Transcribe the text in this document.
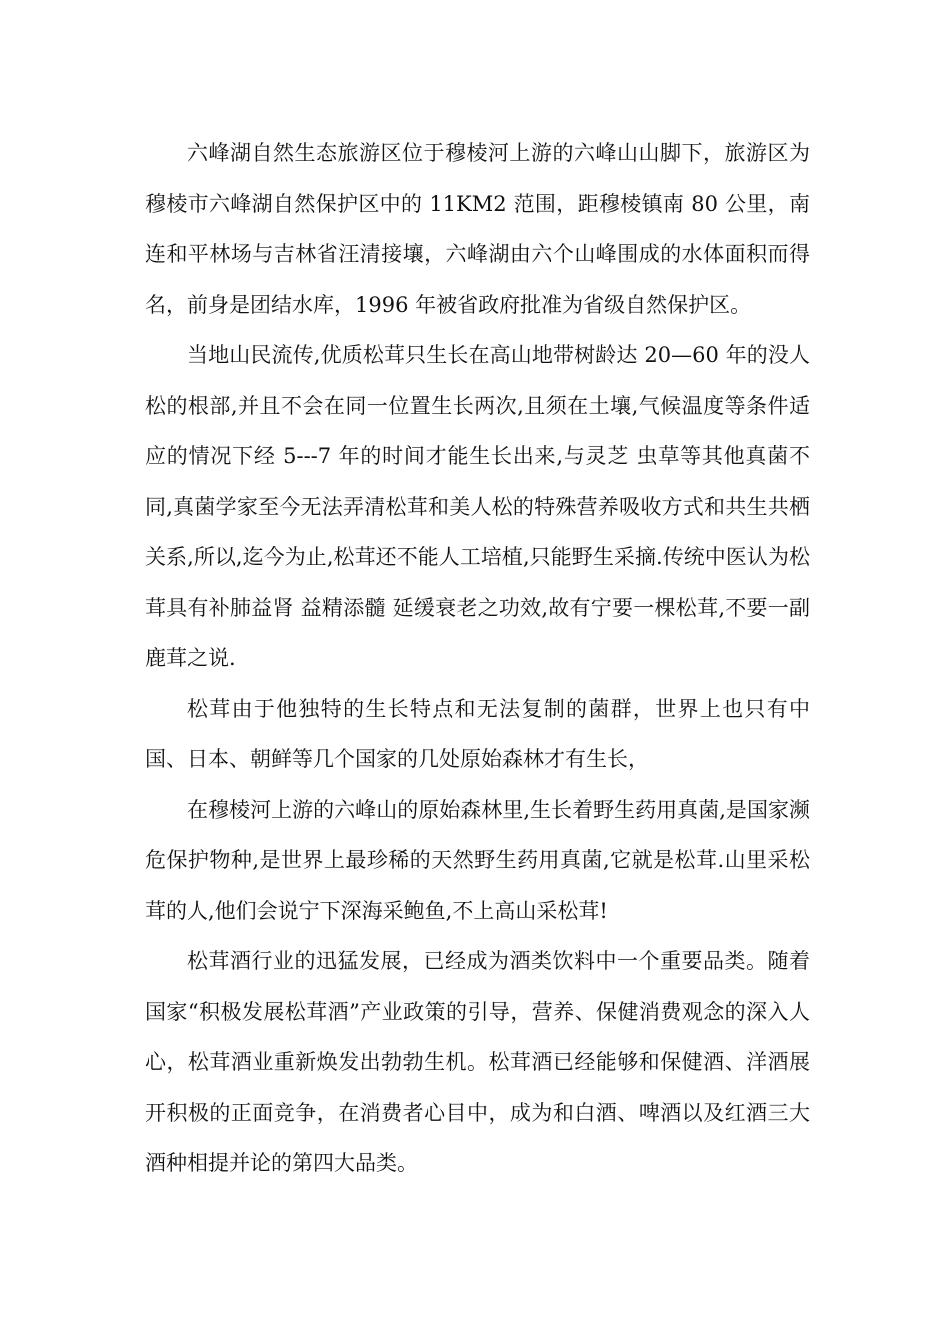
六峰湖自然生态旅游区位于穆棱河上游的六峰山山脚下，旅游区为穆棱市六峰湖自然保护区中的 11KM2 范围，距穆棱镇南 80 公里，南连和平林场与吉林省汪清接壤，六峰湖由六个山峰围成的水体面积而得名，前身是团结水库，1996 年被省政府批准为省级自然保护区。

当地山民流传,优质松茸只生长在高山地带树龄达 20—60 年的没人松的根部,并且不会在同一位置生长两次,且须在土壤,气候温度等条件适应的情况下经 5---7 年的时间才能生长出来,与灵芝 虫草等其他真菌不同,真菌学家至今无法弄清松茸和美人松的特殊营养吸收方式和共生共栖关系,所以,迄今为止,松茸还不能人工培植,只能野生采摘.传统中医认为松茸具有补肺益肾 益精添髓 延缓衰老之功效,故有宁要一棵松茸,不要一副鹿茸之说.

松茸由于他独特的生长特点和无法复制的菌群，世界上也只有中国、日本、朝鲜等几个国家的几处原始森林才有生长，

在穆棱河上游的六峰山的原始森林里,生长着野生药用真菌,是国家濒危保护物种,是世界上最珍稀的天然野生药用真菌,它就是松茸.山里采松茸的人,他们会说宁下深海采鲍鱼,不上高山采松茸!

松茸酒行业的迅猛发展，已经成为酒类饮料中一个重要品类。随着国家“积极发展松茸酒”产业政策的引导，营养、保健消费观念的深入人心，松茸酒业重新焕发出勃勃生机。松茸酒已经能够和保健酒、洋酒展开积极的正面竞争，在消费者心目中，成为和白酒、啤酒以及红酒三大酒种相提并论的第四大品类。
